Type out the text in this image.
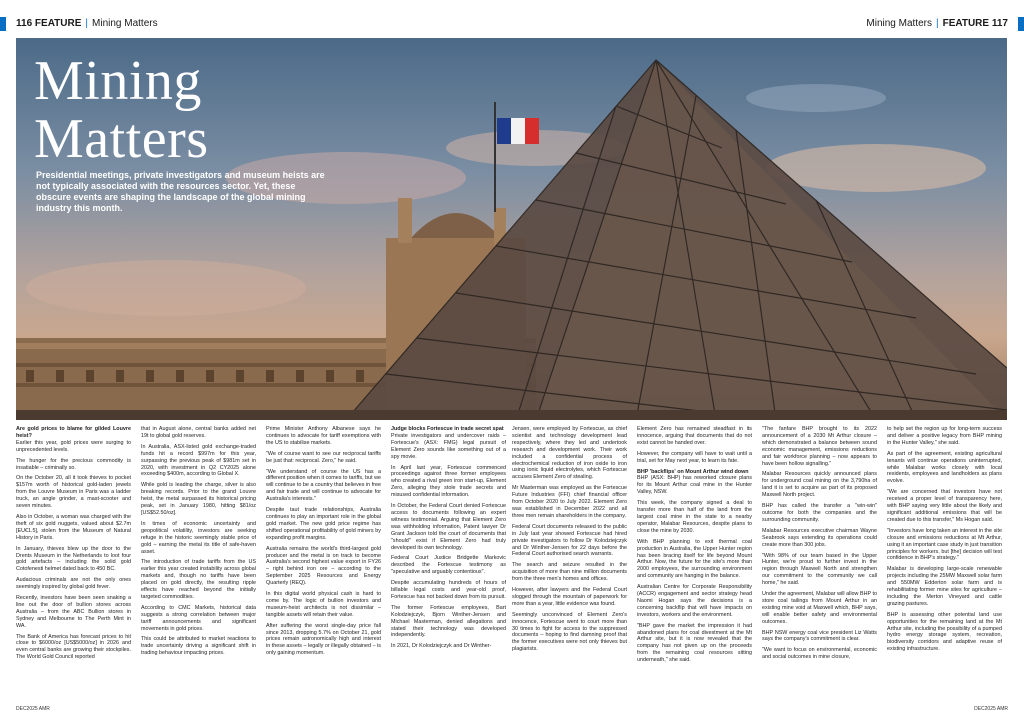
116 FEATURE | Mining Matters	Mining Matters | FEATURE 117
Mining
Matters
Presidential meetings, private investigators and museum heists are not typically associated with the resources sector. Yet, these obscure events are shaping the landscape of the global mining industry this month.

Are gold prices to blame for gilded Louvre heist?
Earlier this year, gold prices were surging to unprecedented levels.

The hunger for the precious commodity is insatiable – criminally so.

On the October 20, all it took thieves to pocket $157m worth of historical gold-laden jewels from the Louvre Museum in Paris was a ladder truck, an angle grinder, a mast-scooter and seven minutes.

Also in October, a woman was charged with the theft of six gold nuggets, valued about $2.7m [EU€1.5], stolen from the Museum of Natural History in Paris.

In January, thieves blew up the door to the Drents Museum in the Netherlands to loot four gold artefacts – including the solid gold Cotofenesti helmet dated back to 450 BC.

Audacious criminals are not the only ones seemingly inspired by global gold fever.

Recently, investors have been seen snaking a line out the door of bullion stores across Australia – from the ABC Bullion stores in Sydney and Melbourne to The Perth Mint in WA.

The Bank of America has forecast prices to hit close to $6000/oz [US$5000/oz] in 2026 and even central banks are growing their stockpiles. The World Gold Council reported

that in August alone, central banks added net 19t to global gold reserves.

In Australia, ASX-listed gold exchange-traded funds hit a record $997m for this year, surpassing the previous peak of $981m set in 2020, with investment in Q2 CY2025 alone exceeding $400m, according to Global X.

While gold is leading the charge, silver is also breaking records. Prior to the grand Louvre heist, the metal surpassed its historical pricing peak, set in January 1980, hitting $81/oz [US$52.50/oz].

In times of economic uncertainty and geopolitical volatility, investors are seeking refuge in the historic seemingly stable price of gold – earning the metal its title of safe-haven asset.

The introduction of trade tariffs from the US earlier this year created instability across global markets and, though no tariffs have been placed on gold directly, the resulting ripple effects have reached beyond the initially targeted commodities.

According to CMC Markets, historical data suggests a strong correlation between major tariff announcements and significant movements in gold prices.

This could be attributed to market reactions to trade uncertainty driving a significant shift in trading behaviour impacting prices.

Prime Minister Anthony Albanese says he continues to advocate for tariff exemptions with the US to stabilise markets.

"We of course want to see our reciprocal tariffs be just that: reciprocal. Zero," he said.

"We understand of course the US has a different position when it comes to tariffs, but we will continue to be a country that believes in free and fair trade and will continue to advocate for Australia's interests."

Despite taut trade relationships, Australia continues to play an important role in the global gold market. The new gold price regime has shifted operational profitability of gold miners by expanding profit margins.

Australia remains the world's third-largest gold producer and the metal is on track to become Australia's second highest value export in FY26 – right behind iron ore – according to the September 2025 Resources and Energy Quarterly (REQ).

In this digital world physical cash is hard to come by. The logic of bullion investors and museum-heist architects is not dissimilar – tangible assets will retain their value.

After suffering the worst single-day price fall since 2013, dropping 5.7% on October 21, gold prices remain astronomically high and interest in these assets – legally or illegally obtained – is only gaining momentum.

Judge blocks Fortescue in trade secret spat
Private investigators and undercover raids – Fortescue's (ASX: FMG) legal pursuit of Element Zero sounds like something out of a spy movie.

In April last year, Fortescue commenced proceedings against three former employees who created a rival green iron start-up, Element Zero, alleging they stole trade secrets and misused confidential information.

In October, the Federal Court denied Fortescue access to documents following an expert witness testimonial. Arguing that Element Zero was withholding information, Patent lawyer Dr Grant Jackson told the court of documents that "should" exist if Element Zero had truly developed its own technology.

Federal Court Justice Bridgette Markovic described the Fortescue testimony as "speculative and arguably contentious".

Despite accumulating hundreds of hours of billable legal costs and year-old proof, Fortescue has not backed down from its pursuit.

The former Fortescue employees, Bart Kolodziejczyk, Bjorn Winther-Jensen and Michael Masterman, denied allegations and stated their technology was developed independently.

In 2021, Dr Kolodziejczyk and Dr Winther-

Jensen, were employed by Fortescue, as chief scientist and technology development lead respectively, where they led and undertook research and development work. Their work included a confidential process of electrochemical reduction of iron oxide to iron using ionic liquid electrolytes, which Fortescue accuses Element Zero of stealing.

Mr Masterman was employed as the Fortescue Future Industries (FFI) chief financial officer from October 2020 to July 2022. Element Zero was established in December 2022 and all three men remain shareholders in the company.

Federal Court documents released to the public in July last year showed Fortescue had hired private investigators to follow Dr Kolodziejczyk and Dr Winther-Jensen for 22 days before the Federal Court authorised search warrants.

The search and seizure resulted in the acquisition of more than nine million documents from the three men's homes and offices.

However, after lawyers and the Federal Court slogged through the mountain of paperwork for more than a year, little evidence was found.

Seemingly unconvinced of Element Zero's innocence, Fortescue went to court more than 30 times to fight for access to the suppressed documents – hoping to find damning proof that the former executives were not only thieves but plagiarists.

Element Zero has remained steadfast in its innocence, arguing that documents that do not exist cannot be handed over.

However, the company will have to wait until a trial, set for May next year, to learn its fate.

BHP 'backflips' on Mount Arthur wind down
BHP (ASX: BHP) has reworked closure plans for its Mount Arthur coal mine in the Hunter Valley, NSW.

This week, the company signed a deal to transfer more than half of the land from the largest coal mine in the state to a nearby operator, Malabar Resources, despite plans to close the mine by 2030.

With BHP planning to exit thermal coal production in Australia, the Upper Hunter region has been bracing itself for life beyond Mount Arthur. Now, the future for the site's more than 2000 employees, the surrounding environment and community are hanging in the balance.

Australian Centre for Corporate Responsibility (ACCR) engagement and sector strategy head Naomi Hogan says the decisions is a concerning backflip that will have impacts on investors, workers and the environment.

"BHP gave the market the impression it had abandoned plans for coal divestment at the Mt Arthur site, but it is now revealed that the company has not given up on the proceeds from the remaining coal resources sitting underneath," she said.

"The fanfare BHP brought to its 2022 announcement of a 2030 Mt Arthur closure – which demonstrated a balance between sound economic management, emissions reductions and fair workforce planning – now appears to have been hollow signalling."

Malabar Resources quickly announced plans for underground coal mining on the 3,790ha of land it is set to acquire as part of its proposed Maxwell North project.

BHP has called the transfer a "win-win" outcome for both the companies and the surrounding community.

Malabar Resources executive chairman Wayne Seabrook says extending its operations could create more than 300 jobs.

"With 98% of our team based in the Upper Hunter, we're proud to further invest in the region through Maxwell North and strengthen our commitment to the community we call home," he said.

Under the agreement, Malabar will allow BHP to store coal tailings from Mount Arthur in an existing mine void at Maxwell which, BHP says, will enable better safety and environmental outcomes.

BHP NSW energy coal vice president Liz Watts says the company's commitment is clear.

"We want to focus on environmental, economic and social outcomes in mine closure,

to help set the region up for long-term success and deliver a positive legacy from BHP mining in the Hunter Valley," she said.

As part of the agreement, existing agricultural tenants will continue operations uninterrupted, while Malabar works closely with local residents, employees and landholders as plans evolve.

"We are concerned that investors have not received a proper level of transparency here, with BHP saying very little about the likely and significant additional emissions that will be created due to this transfer," Ms Hogan said.

"Investors have long taken an interest in the site closure and emissions reductions at Mt Arthur, using it an important case study in just transition principles for workers, but [the] decision will test confidence in BHP's strategy."

Malabar is developing large-scale renewable projects including the 25MW Maxwell solar farm and 550MW Edderton solar farm and is rehabilitating former mine sites for agriculture – including the Merton Vineyard and cattle grazing pastures.

BHP is assessing other potential land use opportunities for the remaining land at the Mt Arthur site, including the possibility of a pumped hydro energy storage system, recreation, biodiversity corridors and adaptive reuse of existing infrastructure.

DEC2025 AMR	DEC2025 AMR
